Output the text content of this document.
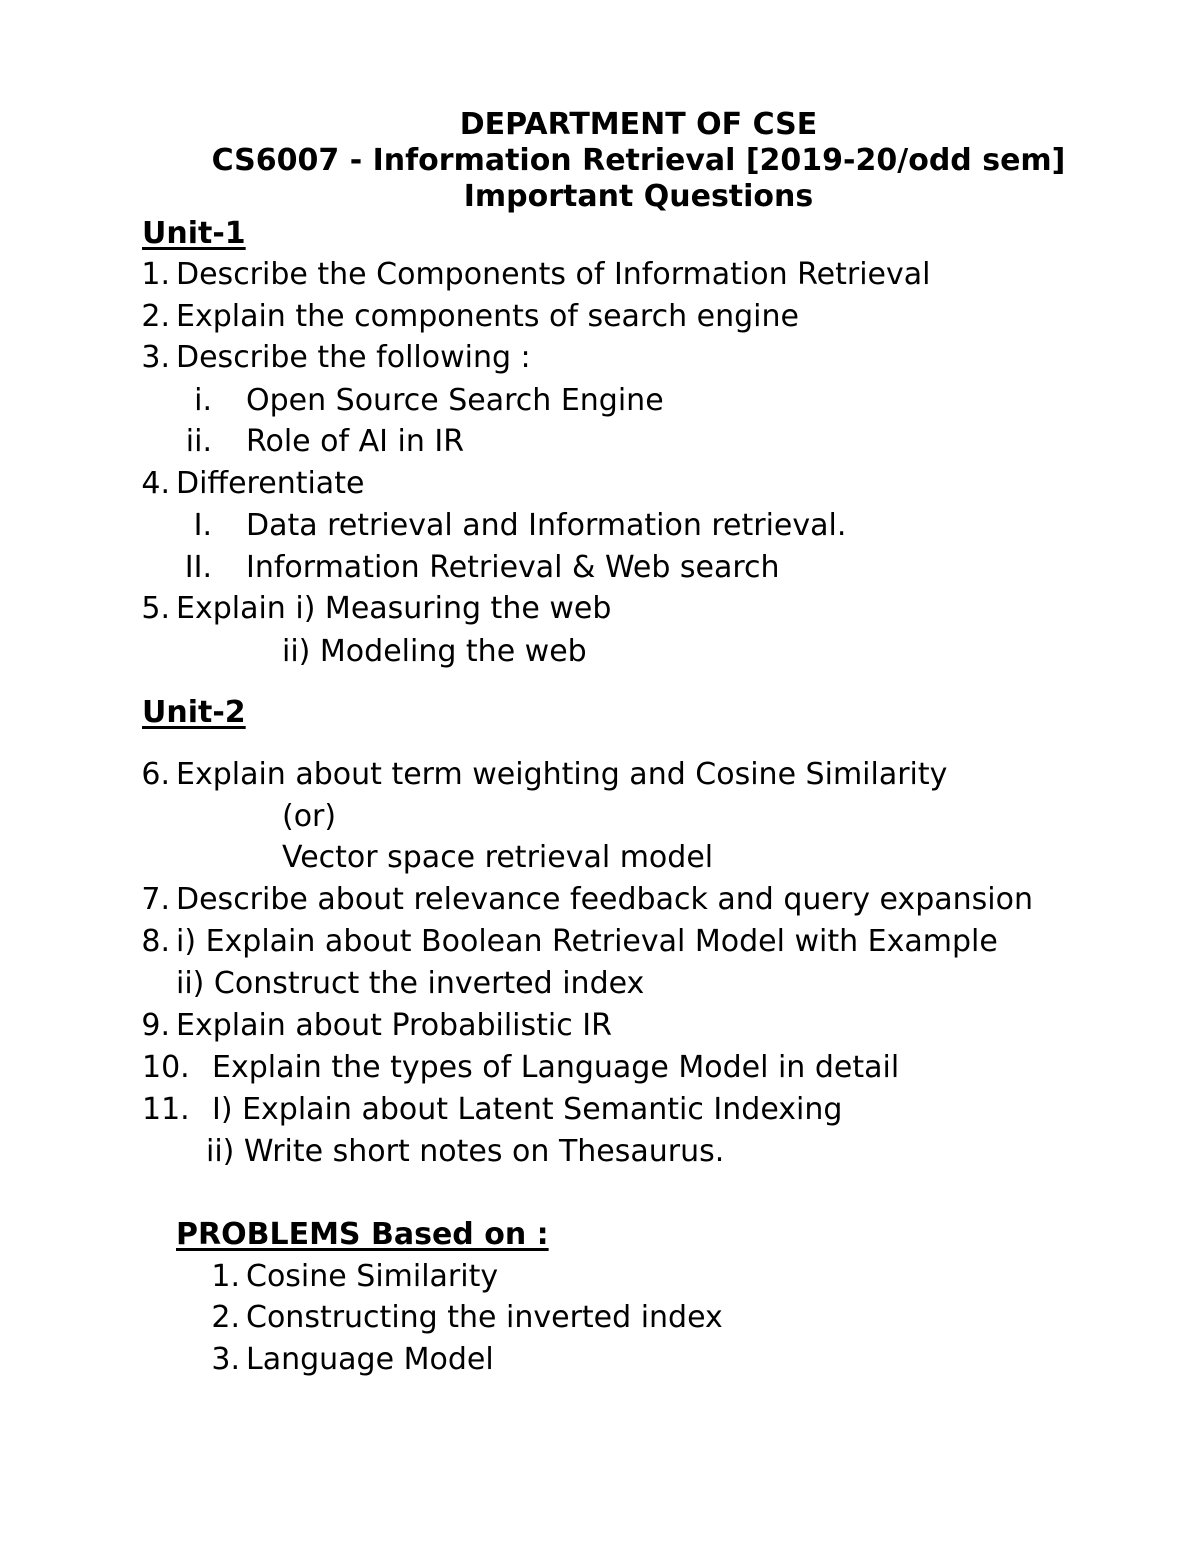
DEPARTMENT OF CSE
CS6007 - Information Retrieval [2019-20/odd sem]
Important Questions
Unit-1
1. Describe the Components of Information Retrieval
2. Explain the components of search engine
3. Describe the following :
i. Open Source Search Engine
ii. Role of AI in IR
4. Differentiate
I. Data retrieval and Information retrieval.
II. Information Retrieval & Web search
5. Explain i) Measuring the web
ii) Modeling the web
Unit-2
6. Explain about term weighting and Cosine Similarity
(or)
Vector space retrieval model
7. Describe about relevance feedback and query expansion
8. i) Explain about Boolean Retrieval Model with Example
ii) Construct the inverted index
9. Explain about Probabilistic IR
10. Explain the types of Language Model in detail
11. I) Explain about Latent Semantic Indexing
ii) Write short notes on Thesaurus.
PROBLEMS Based on :
1. Cosine Similarity
2. Constructing the inverted index
3. Language Model
